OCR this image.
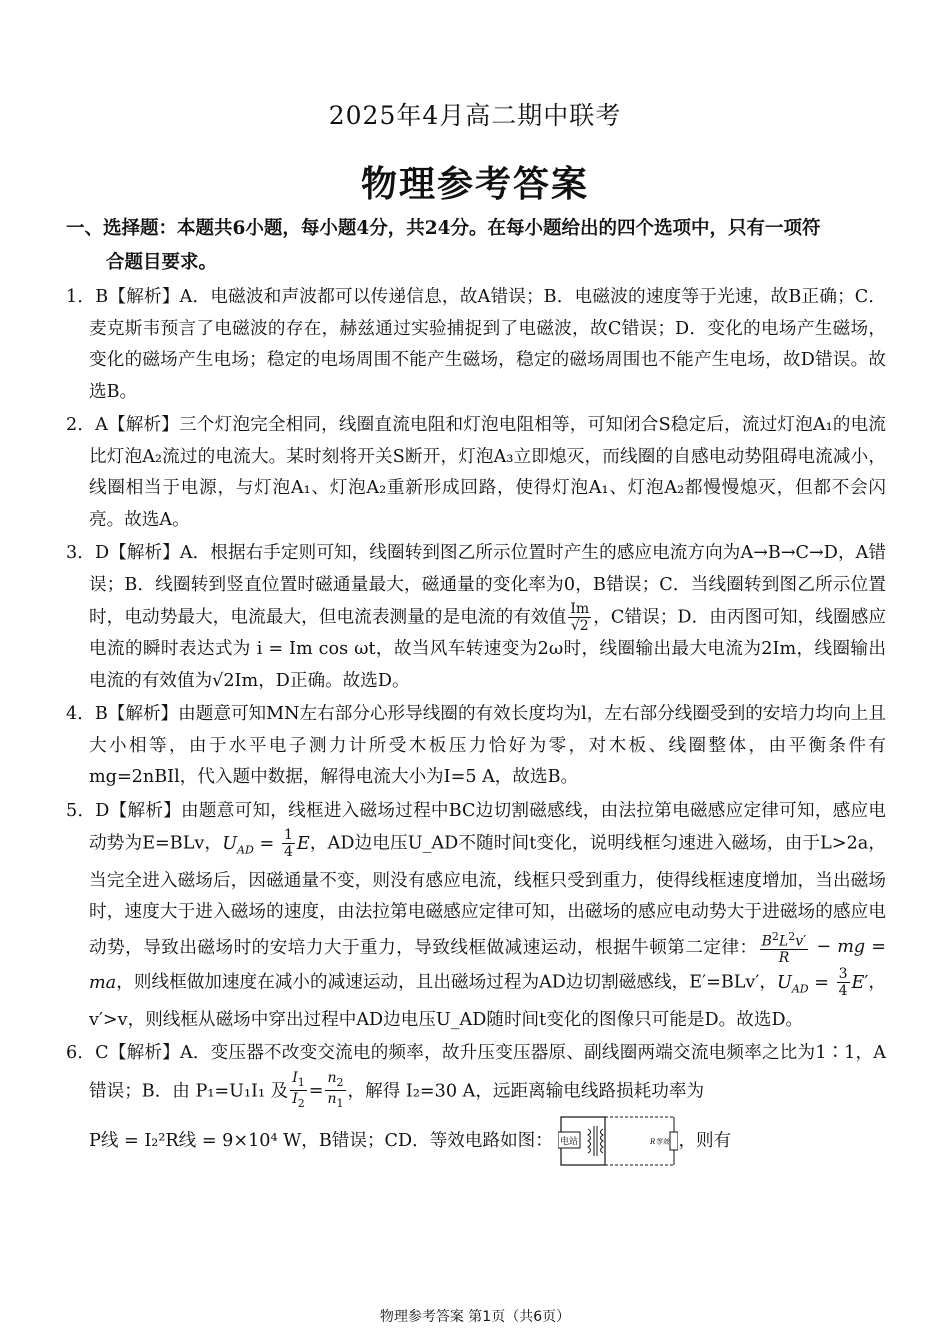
2025年4月高二期中联考
物理参考答案
一、选择题：本题共6小题，每小题4分，共24分。在每小题给出的四个选项中，只有一项符
合题目要求。
1．B【解析】A．电磁波和声波都可以传递信息，故A错误；B．电磁波的速度等于光速，故B正确；C．麦克斯韦预言了电磁波的存在，赫兹通过实验捕捉到了电磁波，故C错误；D．变化的电场产生磁场，变化的磁场产生电场；稳定的电场周围不能产生磁场，稳定的磁场周围也不能产生电场，故D错误。故选B。
2．A【解析】三个灯泡完全相同，线圈直流电阻和灯泡电阻相等，可知闭合S稳定后，流过灯泡A₁的电流比灯泡A₂流过的电流大。某时刻将开关S断开，灯泡A₃立即熄灭，而线圈的自感电动势阻碍电流减小，线圈相当于电源，与灯泡A₁、灯泡A₂重新形成回路，使得灯泡A₁、灯泡A₂都慢慢熄灭，但都不会闪亮。故选A。
3．D【解析】A．根据右手定则可知，线圈转到图乙所示位置时产生的感应电流方向为A→B→C→D，A错误；B．线圈转到竖直位置时磁通量最大，磁通量的变化率为0，B错误；C．当线圈转到图乙所示位置时，电动势最大，电流最大，但电流表测量的是电流的有效值 $\frac{Im}{√2}$ ，C错误；D．由丙图可知，线圈感应电流的瞬时表达式为 i = Im cos ωt，故当风车转速变为2ω时，线圈输出最大电流为2Im，线圈输出电流的有效值为√2Im，D正确。故选D。
4．B【解析】由题意可知MN左右部分心形导线圈的有效长度均为l，左右部分线圈受到的安培力均向上且大小相等，由于水平电子测力计所受木板压力恰好为零，对木板、线圈整体，由平衡条件有mg=2nBIl，代入题中数据，解得电流大小为I=5 A，故选B。
5．D【解析】由题意可知，线框进入磁场过程中BC边切割磁感线，由法拉第电磁感应定律可知，感应电动势为E=BLv，$U_{AD} = \frac{1}{4}$ E，AD边电压U_AD不随时间t变化，说明线框匀速进入磁场，由于L>2a，当完全进入磁场后，因磁通量不变，则没有感应电流，线框只受到重力，使得线框速度增加，当出磁场时，速度大于进入磁场的速度，由法拉第电磁感应定律可知，出磁场的感应电动势大于进磁场的感应电动势，导致出磁场时的安培力大于重力，导致线框做减速运动，根据牛顿第二定律： $\frac{B^2L^2v'}{R}$ − mg = ma，则线框做加速度在减小的减速运动，且出磁场过程为AD边切割磁感线，E′=BLv′，$U_{AD} = \frac{3}{4} E'$，v′>v，则线框从磁场中穿出过程中AD边电压U_AD随时间t变化的图像只可能是D。故选D。
6．C【解析】A．变压器不改变交流电的频率，故升压变压器原、副线圈两端交流电频率之比为1∶1，A错误；B．由 P₁=U₁I₁ 及 $\frac{I_1}{I_2} = \frac{n_2}{n_1}$ ，解得 I₂=30 A，远距离输电线路损耗功率为
P线 = I₂²R线 = 9×10⁴ W，B错误；CD．等效电路如图： 电站	R等效 ，则有
物理参考答案 第1页（共6页）
